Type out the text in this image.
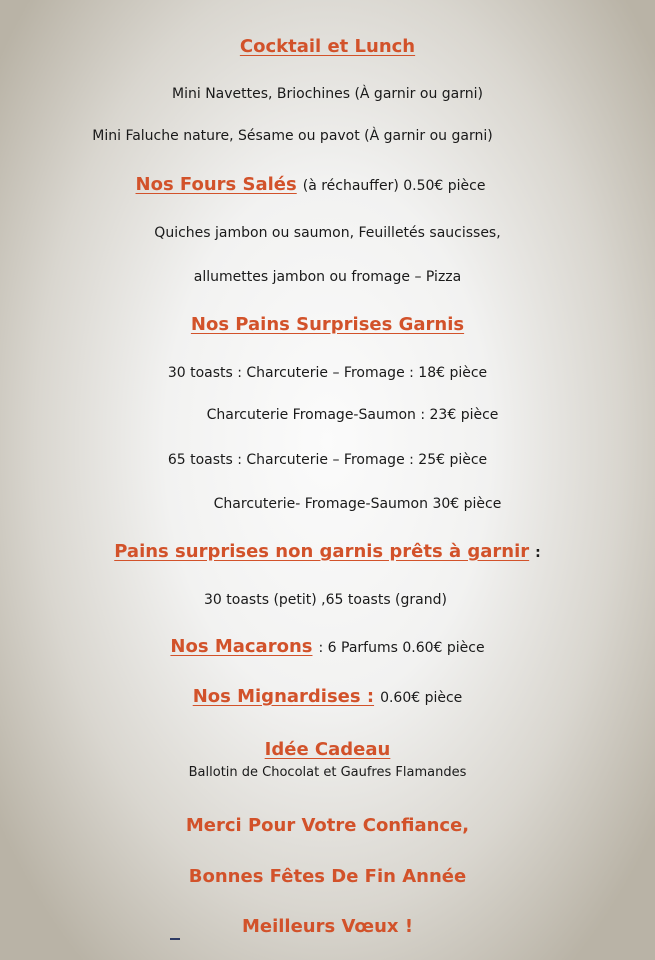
Cocktail et Lunch
Mini Navettes, Briochines (À garnir ou garni)
Mini Faluche nature, Sésame ou pavot (À garnir ou garni)
Nos Fours Salés (à réchauffer) 0.50€ pièce
Quiches jambon ou saumon, Feuilletés saucisses,
allumettes jambon ou fromage – Pizza
Nos Pains Surprises Garnis
30 toasts : Charcuterie – Fromage : 18€ pièce
Charcuterie Fromage-Saumon : 23€ pièce
65 toasts : Charcuterie – Fromage : 25€ pièce
Charcuterie- Fromage-Saumon 30€ pièce
Pains surprises non garnis prêts à garnir :
30 toasts (petit) ,65 toasts (grand)
Nos Macarons : 6 Parfums 0.60€ pièce
Nos Mignardises : 0.60€ pièce
Idée Cadeau
Ballotin de Chocolat et Gaufres Flamandes
Merci Pour Votre Confiance,
Bonnes Fêtes De Fin Année
Meilleurs Vœux !
